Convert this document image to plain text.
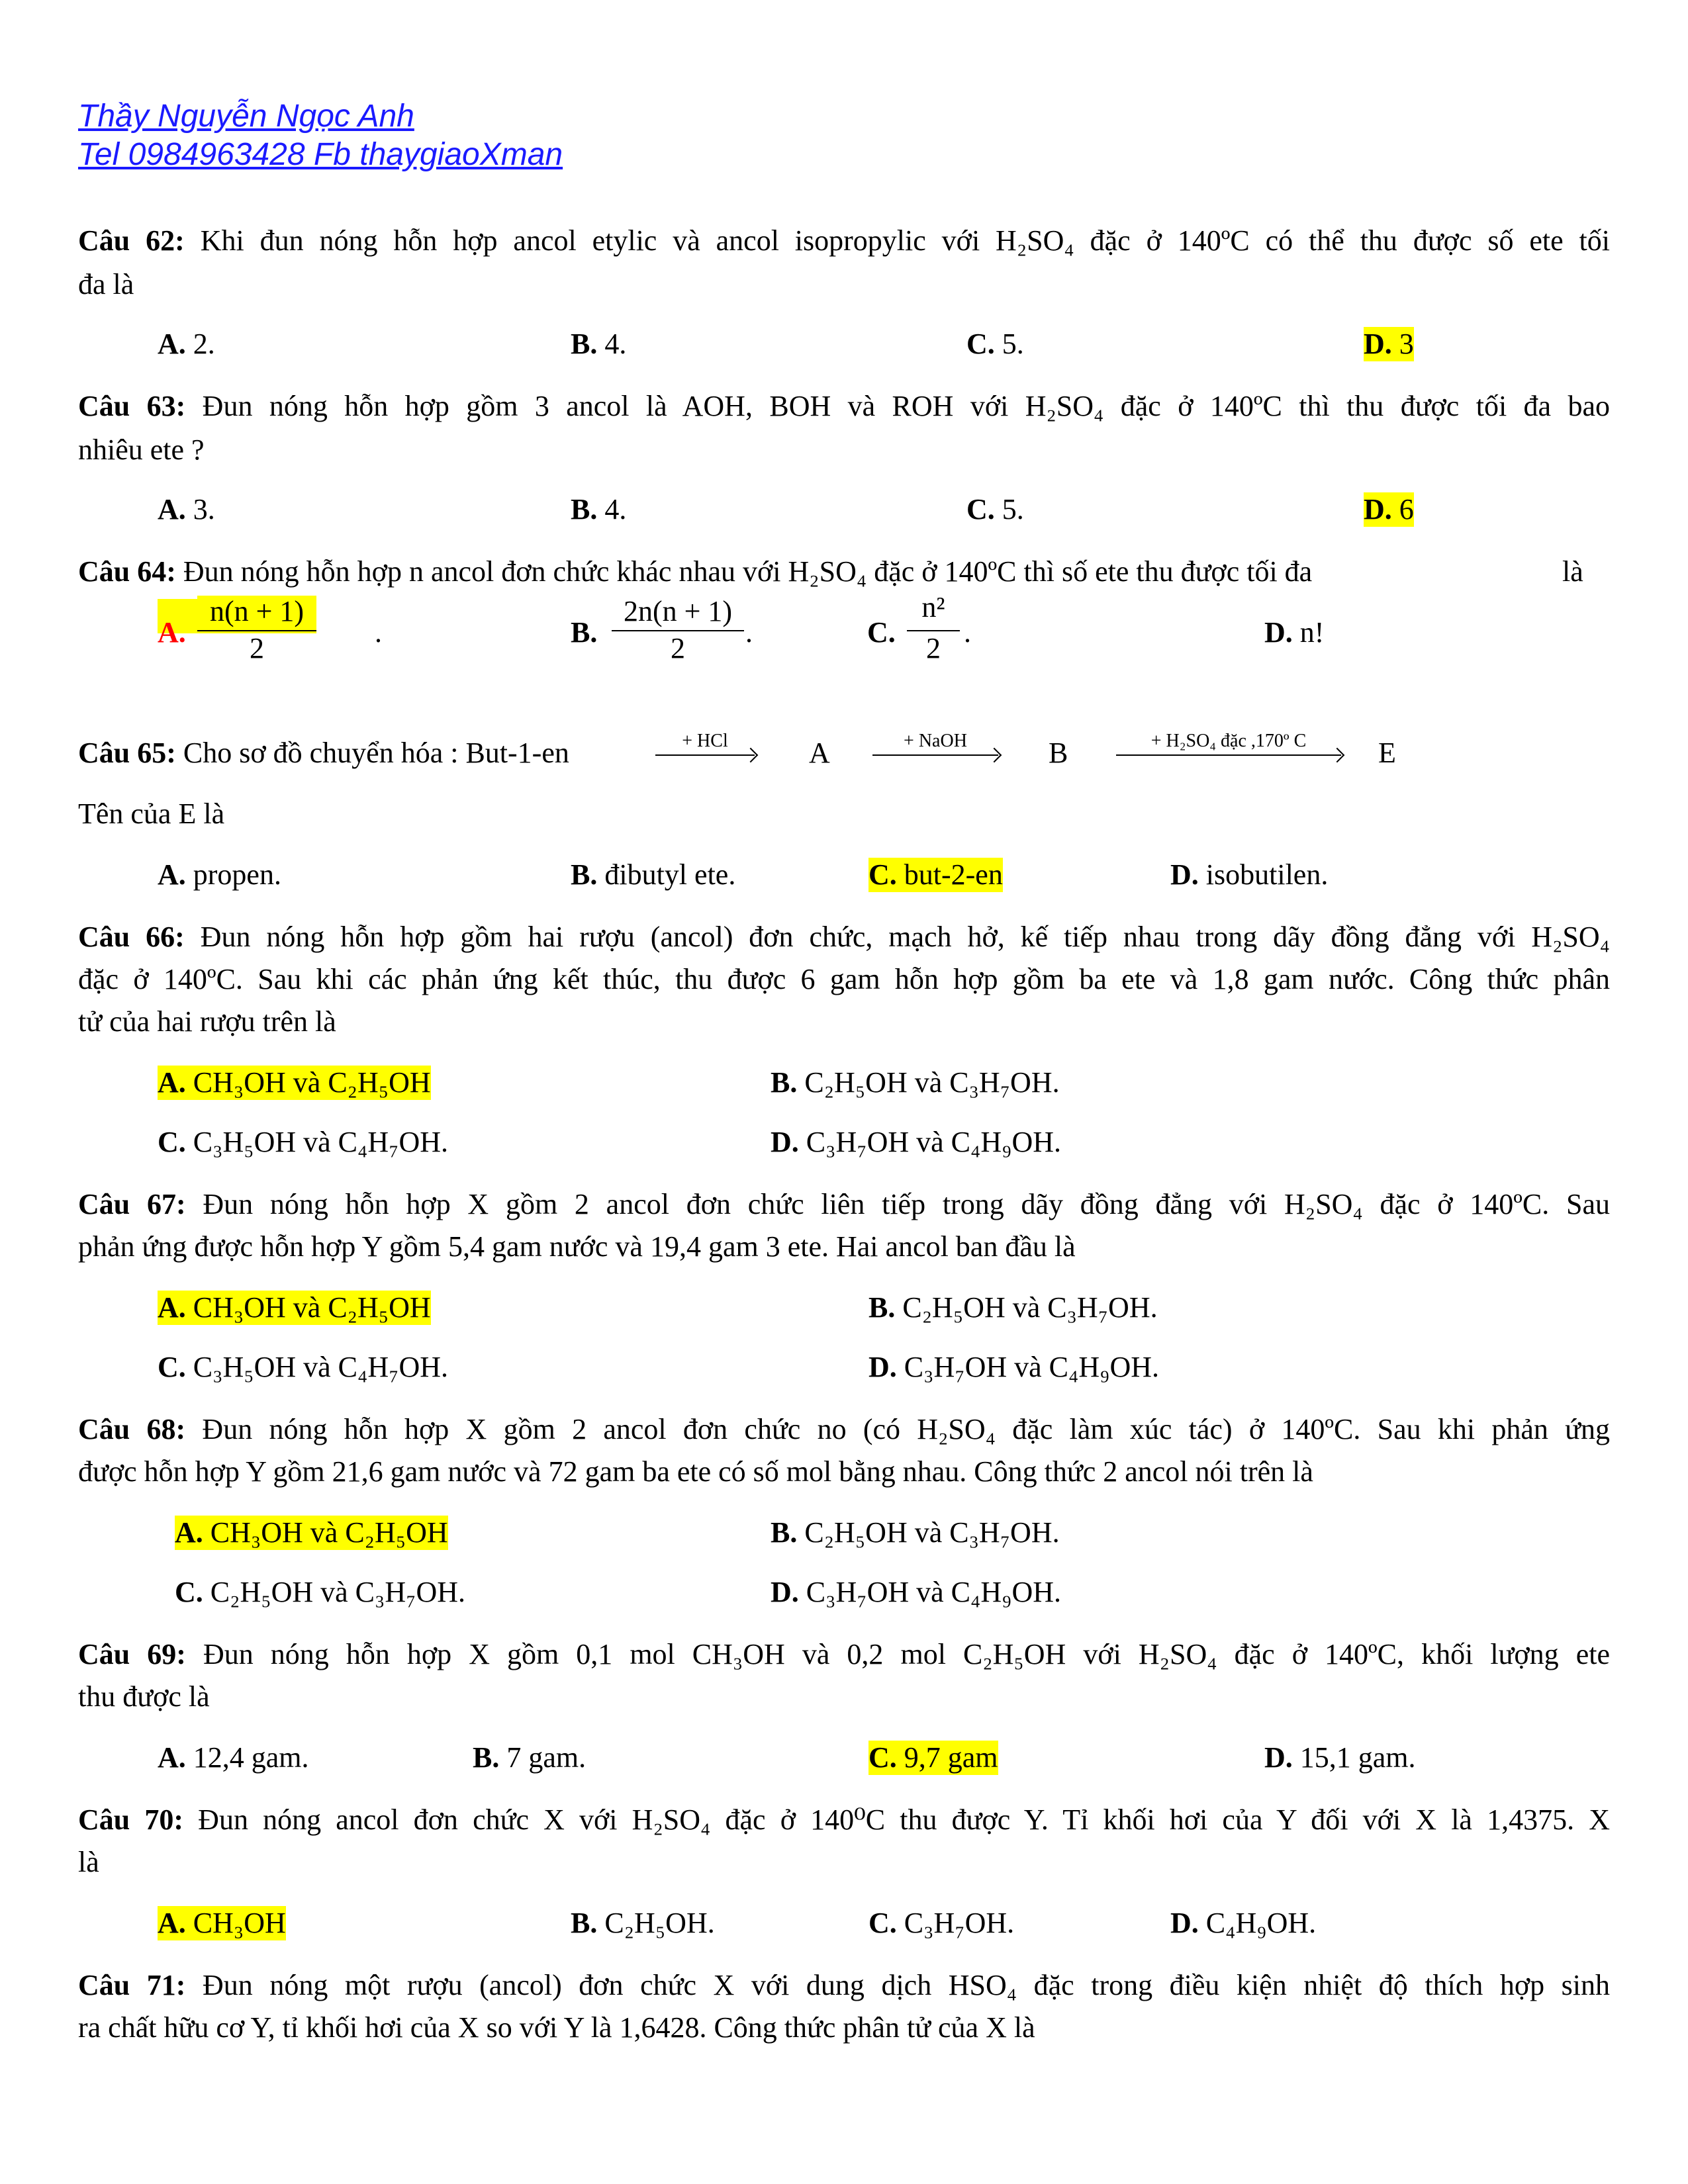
Thầy Nguyễn Ngọc Anh
Tel 0984963428 Fb thaygiaoXman
Câu 62: Khi đun nóng hỗn hợp ancol etylic và ancol isopropylic với H₂SO₄ đặc ở 140ºC có thể thu được số ete tối
đa là
A. 2.	B. 4.	C. 5.	D. 3
Câu 63: Đun nóng hỗn hợp gồm 3 ancol là AOH, BOH và ROH với H₂SO₄ đặc ở 140ºC thì thu được tối đa bao
nhiêu ete ?
A. 3.	B. 4.	C. 5.	D. 6
Câu 64: Đun nóng hỗn hợp n ancol đơn chức khác nhau với H₂SO₄ đặc ở 140ºC thì số ete thu được tối đa	là
A. $\frac{n(n + 1)}{2}$ .	B. $\frac{2n(n + 1)}{2}$ .	C. $\frac{\text{n²}}{2}$ .	D. n!
Câu 65: Cho sơ đồ chuyển hóa : But-1-en	+ HCl	A	+ NaOH	B	+ H₂SO₄ đặc ,170º C	E
Tên của E là
A. propen.	B. đibutyl ete.	C. but-2-en	D. isobutilen.
Câu 66: Đun nóng hỗn hợp gồm hai rượu (ancol) đơn chức, mạch hở, kế tiếp nhau trong dãy đồng đẳng với H₂SO₄
đặc ở 140ºC. Sau khi các phản ứng kết thúc, thu được 6 gam hỗn hợp gồm ba ete và 1,8 gam nước. Công thức phân
tử của hai rượu trên là
A. CH₃OH và C₂H₅OH	B. C₂H₅OH và C₃H₇OH.
C. C₃H₅OH và C₄H₇OH.	D. C₃H₇OH và C₄H₉OH.
Câu 67: Đun nóng hỗn hợp X gồm 2 ancol đơn chức liên tiếp trong dãy đồng đẳng với H₂SO₄ đặc ở 140ºC. Sau
phản ứng được hỗn hợp Y gồm 5,4 gam nước và 19,4 gam 3 ete. Hai ancol ban đầu là
A. CH₃OH và C₂H₅OH	B. C₂H₅OH và C₃H₇OH.
C. C₃H₅OH và C₄H₇OH.	D. C₃H₇OH và C₄H₉OH.
Câu 68: Đun nóng hỗn hợp X gồm 2 ancol đơn chức no (có H₂SO₄ đặc làm xúc tác) ở 140ºC. Sau khi phản ứng
được hỗn hợp Y gồm 21,6 gam nước và 72 gam ba ete có số mol bằng nhau. Công thức 2 ancol nói trên là
A. CH₃OH và C₂H₅OH	B. C₂H₅OH và C₃H₇OH.
C. C₂H₅OH và C₃H₇OH.	D. C₃H₇OH và C₄H₉OH.
Câu 69: Đun nóng hỗn hợp X gồm 0,1 mol CH₃OH và 0,2 mol C₂H₅OH với H₂SO₄ đặc ở 140ºC, khối lượng ete
thu được là
A. 12,4 gam.	B. 7 gam.	C. 9,7 gam	D. 15,1 gam.
Câu 70: Đun nóng ancol đơn chức X với H₂SO₄ đặc ở 140⁰C thu được Y. Tỉ khối hơi của Y đối với X là 1,4375. X
là
A. CH₃OH	B. C₂H₅OH.	C. C₃H₇OH.	D. C₄H₉OH.
Câu 71: Đun nóng một rượu (ancol) đơn chức X với dung dịch HSO₄ đặc trong điều kiện nhiệt độ thích hợp sinh
ra chất hữu cơ Y, tỉ khối hơi của X so với Y là 1,6428. Công thức phân tử của X là
